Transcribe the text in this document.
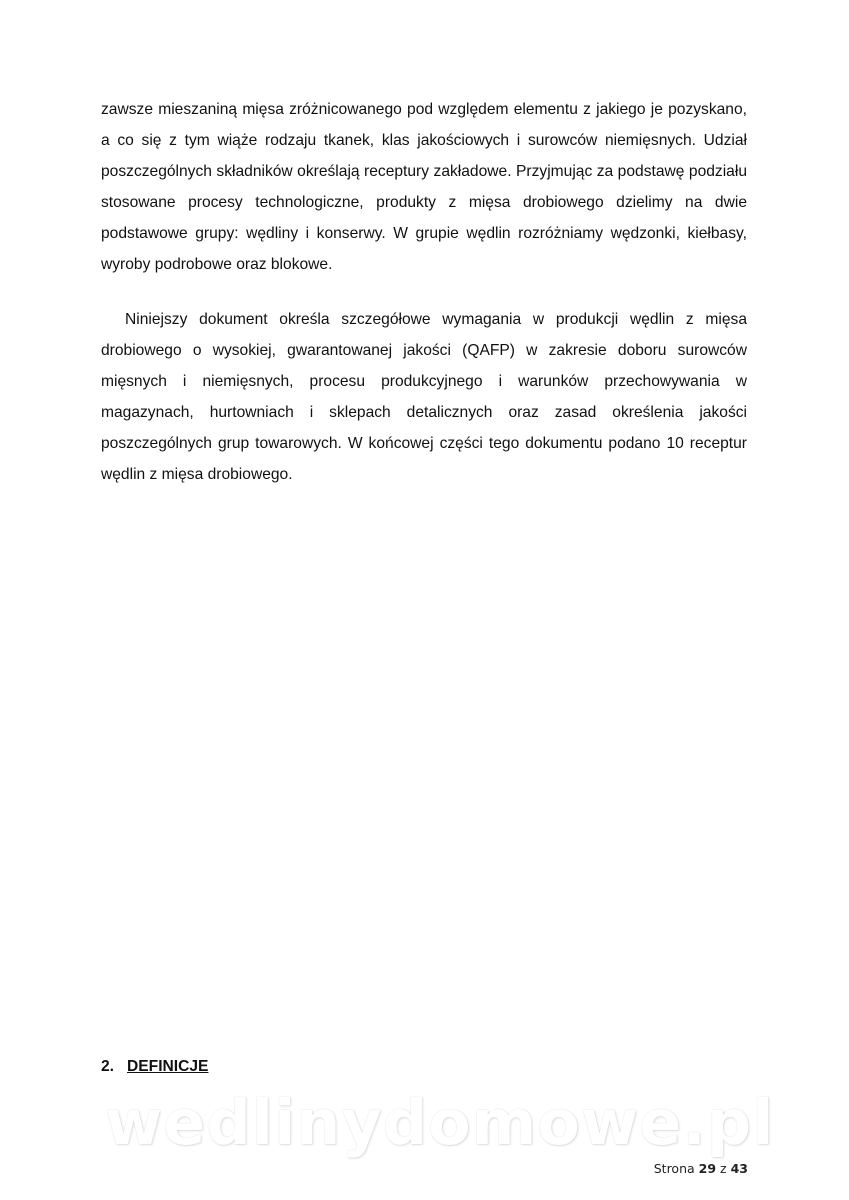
zawsze mieszaniną mięsa zróżnicowanego pod względem elementu z jakiego je pozyskano, a co się z tym wiąże rodzaju tkanek, klas jakościowych i surowców niemięsnych. Udział poszczególnych składników określają receptury zakładowe. Przyjmując za podstawę podziału stosowane procesy technologiczne, produkty z mięsa drobiowego dzielimy na dwie podstawowe grupy: wędliny i konserwy. W grupie wędlin rozróżniamy wędzonki, kiełbasy, wyroby podrobowe oraz blokowe.

Niniejszy dokument określa szczegółowe wymagania w produkcji wędlin z mięsa drobiowego o wysokiej, gwarantowanej jakości (QAFP) w zakresie doboru surowców mięsnych i niemięsnych, procesu produkcyjnego i warunków przechowywania w magazynach, hurtowniach i sklepach detalicznych oraz zasad określenia jakości poszczególnych grup towarowych. W końcowej części tego dokumentu podano 10 receptur wędlin z mięsa drobiowego.

2. DEFINICJE
wedlinydomowe.pl
Strona 29 z 43
